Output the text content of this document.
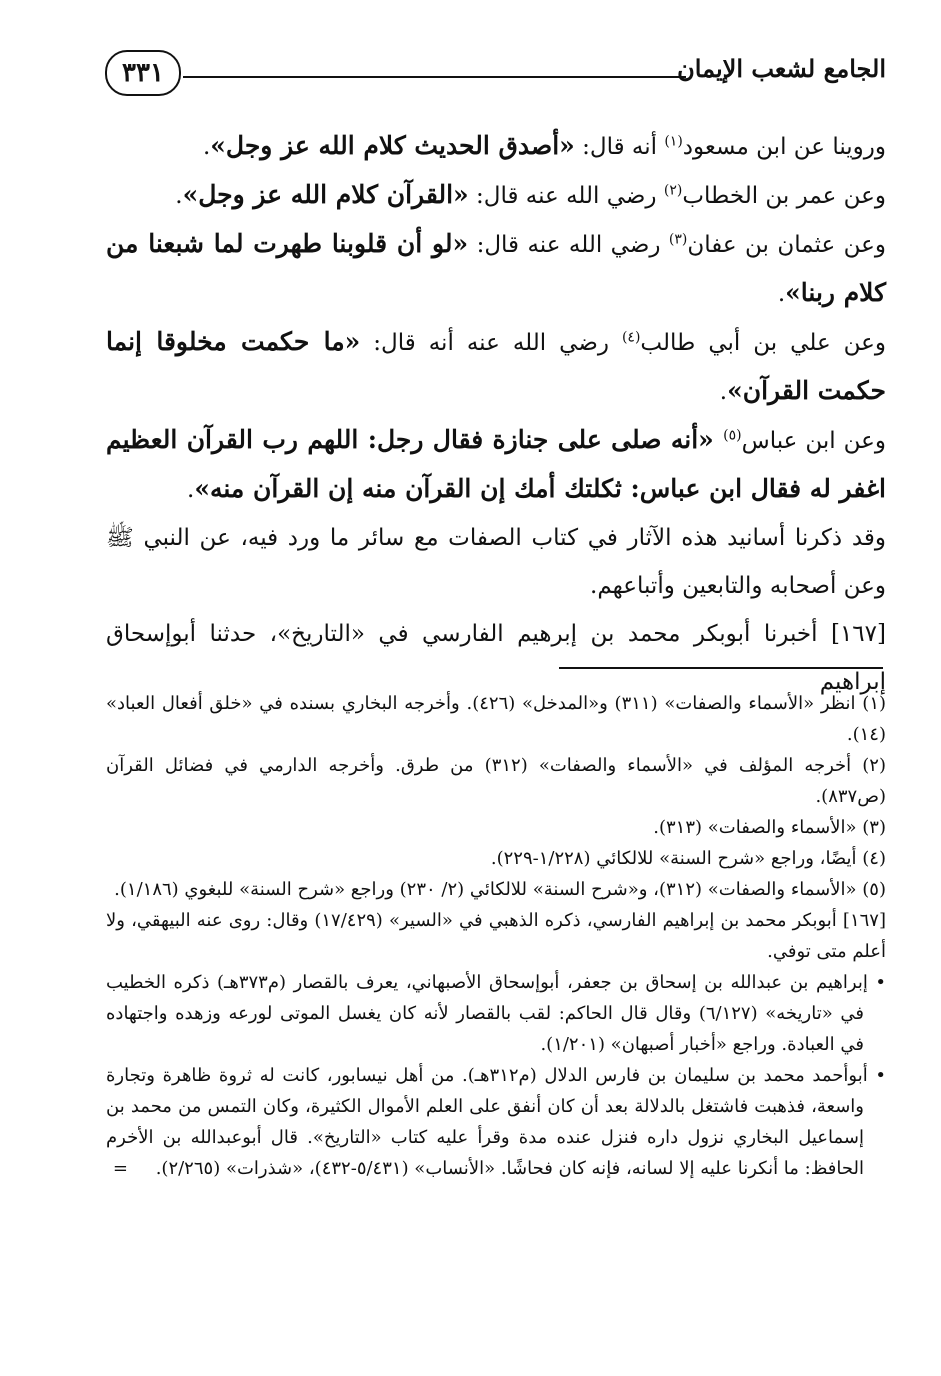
الجامع لشعب الإيمان
٣٣١

وروينا عن ابن مسعود$^{(١)}$ أنه قال: «أصدق الحديث كلام الله عز وجل».

وعن عمر بن الخطاب$^{(٢)}$ رضي الله عنه قال: «القرآن كلام الله عز وجل».

وعن عثمان بن عفان$^{(٣)}$ رضي الله عنه قال: «لو أن قلوبنا طهرت لما شبعنا من كلام ربنا».

وعن علي بن أبي طالب$^{(٤)}$ رضي الله عنه أنه قال: «ما حكمت مخلوقا إنما حكمت القرآن».

وعن ابن عباس$^{(٥)}$ «أنه صلى على جنازة فقال رجل: اللهم رب القرآن العظيم اغفر له فقال ابن عباس: ثكلتك أمك إن القرآن منه إن القرآن منه».

وقد ذكرنا أسانيد هذه الآثار في كتاب الصفات مع سائر ما ورد فيه، عن النبي ﷺ وعن أصحابه والتابعين وأتباعهم.

[١٦٧] أخبرنا أبوبكر محمد بن إبرهيم الفارسي في «التاريخ»، حدثنا أبوإسحاق إبراهيم

(١) انظر «الأسماء والصفات» (٣١١) و«المدخل» (٤٢٦). وأخرجه البخاري بسنده في «خلق أفعال العباد» (١٤).

(٢) أخرجه المؤلف في «الأسماء والصفات» (٣١٢) من طرق. وأخرجه الدارمي في فضائل القرآن (ص٨٣٧).

(٣) «الأسماء والصفات» (٣١٣).

(٤) أيضًا، وراجع «شرح السنة» للالكائي (١/٢٢٨-٢٢٩).

(٥) «الأسماء والصفات» (٣١٢)، و«شرح السنة» للالكائي (٢/ ٢٣٠) وراجع «شرح السنة» للبغوي (١/١٨٦).

[١٦٧] أبوبكر محمد بن إبراهيم الفارسي، ذكره الذهبي في «السير» (١٧/٤٢٩) وقال: روى عنه البيهقي، ولا أعلم متى توفي.

• إبراهيم بن عبدالله بن إسحاق بن جعفر، أبوإسحاق الأصبهاني، يعرف بالقصار (م٣٧٣هـ) ذكره الخطيب في «تاريخه» (٦/١٢٧) وقال قال الحاكم: لقب بالقصار لأنه كان يغسل الموتى لورعه وزهده واجتهاده في العبادة. وراجع «أخبار أصبهان» (١/٢٠١).

• أبوأحمد محمد بن سليمان بن فارس الدلال (م٣١٢هـ). من أهل نيسابور، كانت له ثروة ظاهرة وتجارة واسعة، فذهبت فاشتغل بالدلالة بعد أن كان أنفق على العلم الأموال الكثيرة، وكان التمس من محمد بن إسماعيل البخاري نزول داره فنزل عنده مدة وقرأ عليه كتاب «التاريخ». قال أبوعبدالله بن الأخرم الحافظ: ما أنكرنا عليه إلا لسانه، فإنه كان فحاشًا. «الأنساب» (٥/٤٣١-٤٣٢)، «شذرات» (٢/٢٦٥).
=
